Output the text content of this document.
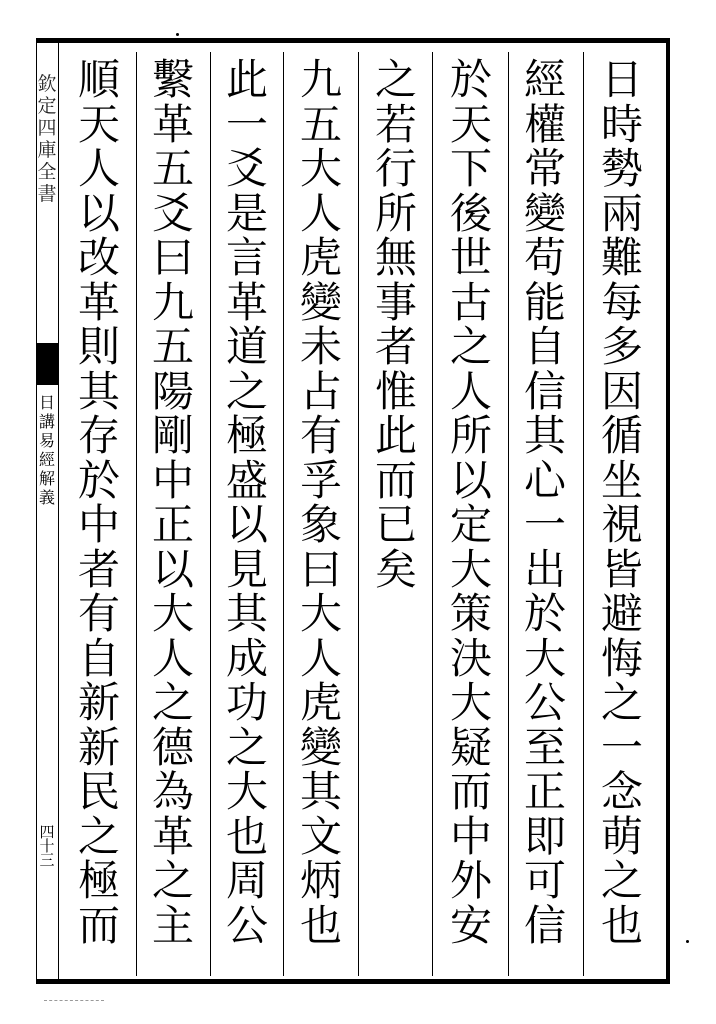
欽
定
四
庫
全
書
日
講
易
經
解
義
四
十
三
日
時
勢
兩
難
每
多
因
循
坐
視
皆
避
悔
之
一
念
萌
之
也
經
權
常
變
苟
能
自
信
其
心
一
出
於
大
公
至
正
即
可
信
於
天
下
後
世
古
之
人
所
以
定
大
策
決
大
疑
而
中
外
安
之
若
行
所
無
事
者
惟
此
而
已
矣
九
五
大
人
虎
變
未
占
有
孚
象
曰
大
人
虎
變
其
文
炳
也
此
一
爻
是
言
革
道
之
極
盛
以
見
其
成
功
之
大
也
周
公
繫
革
五
爻
曰
九
五
陽
剛
中
正
以
大
人
之
德
為
革
之
主
順
天
人
以
改
革
則
其
存
於
中
者
有
自
新
新
民
之
極
而
